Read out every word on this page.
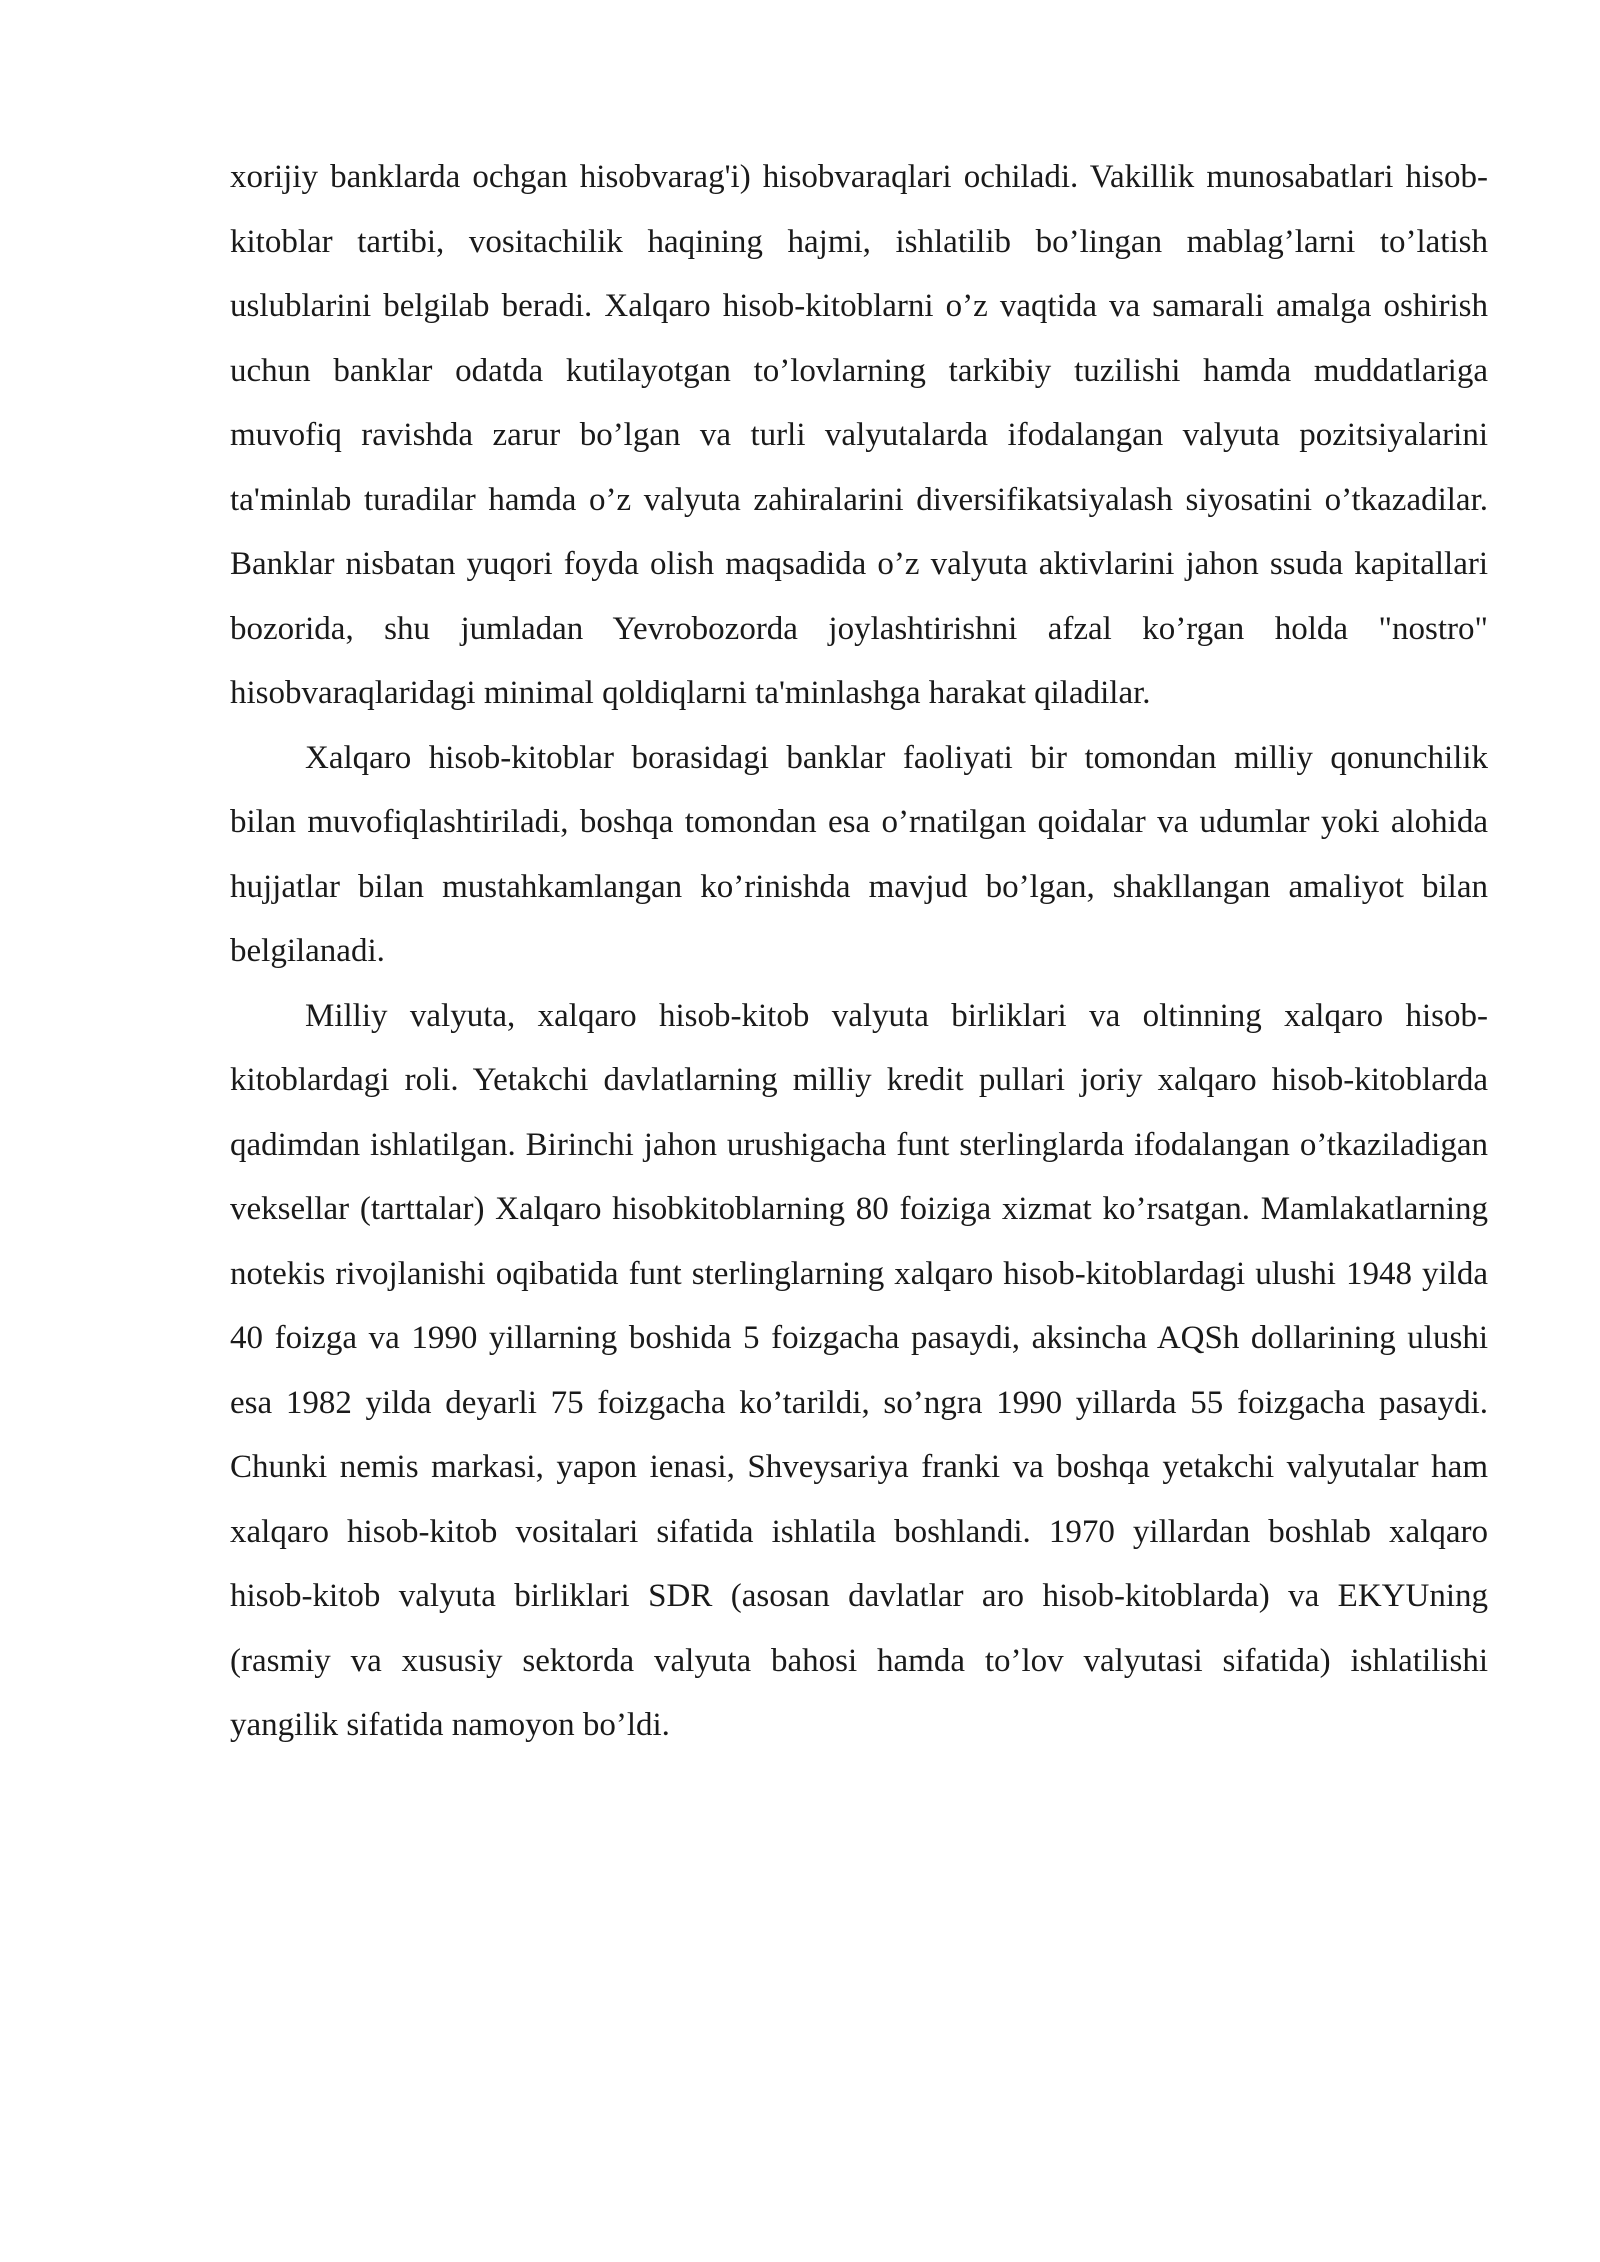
xorijiy banklarda ochgan hisobvarag'i) hisobvaraqlari ochiladi. Vakillik munosabatlari hisob-kitoblar tartibi, vositachilik haqining hajmi, ishlatilib bo’lingan mablag’larni to’latish uslublarini belgilab beradi. Xalqaro hisob-kitoblarni o’z vaqtida va samarali amalga oshirish uchun banklar odatda kutilayotgan to’lovlarning tarkibiy tuzilishi hamda muddatlariga muvofiq ravishda zarur bo’lgan va turli valyutalarda ifodalangan valyuta pozitsiyalarini ta'minlab turadilar hamda o’z valyuta zahiralarini diversifikatsiyalash siyosatini o’tkazadilar. Banklar nisbatan yuqori foyda olish maqsadida o’z valyuta aktivlarini jahon ssuda kapitallari bozorida, shu jumladan Yevrobozorda joylashtirishni afzal ko’rgan holda "nostro" hisobvaraqlaridagi minimal qoldiqlarni ta'minlashga harakat qiladilar.

Xalqaro hisob-kitoblar borasidagi banklar faoliyati bir tomondan milliy qonunchilik bilan muvofiqlashtiriladi, boshqa tomondan esa o’rnatilgan qoidalar va udumlar yoki alohida hujjatlar bilan mustahkamlangan ko’rinishda mavjud bo’lgan, shakllangan amaliyot bilan belgilanadi.

Milliy valyuta, xalqaro hisob-kitob valyuta birliklari va oltinning xalqaro hisob-kitoblardagi roli. Yetakchi davlatlarning milliy kredit pullari joriy xalqaro hisob-kitoblarda qadimdan ishlatilgan. Birinchi jahon urushigacha funt sterlinglarda ifodalangan o’tkaziladigan veksellar (tarttalar) Xalqaro hisobkitoblarning 80 foiziga xizmat ko’rsatgan. Mamlakatlarning notekis rivojlanishi oqibatida funt sterlinglarning xalqaro hisob-kitoblardagi ulushi 1948 yilda 40 foizga va 1990 yillarning boshida 5 foizgacha pasaydi, aksincha AQSh dollarining ulushi esa 1982 yilda deyarli 75 foizgacha ko’tarildi, so’ngra 1990 yillarda 55 foizgacha pasaydi. Chunki nemis markasi, yapon ienasi, Shveysariya franki va boshqa yetakchi valyutalar ham xalqaro hisob-kitob vositalari sifatida ishlatila boshlandi. 1970 yillardan boshlab xalqaro hisob-kitob valyuta birliklari SDR (asosan davlatlar aro hisob-kitoblarda) va EKYUning (rasmiy va xususiy sektorda valyuta bahosi hamda to’lov valyutasi sifatida) ishlatilishi yangilik sifatida namoyon bo’ldi.
